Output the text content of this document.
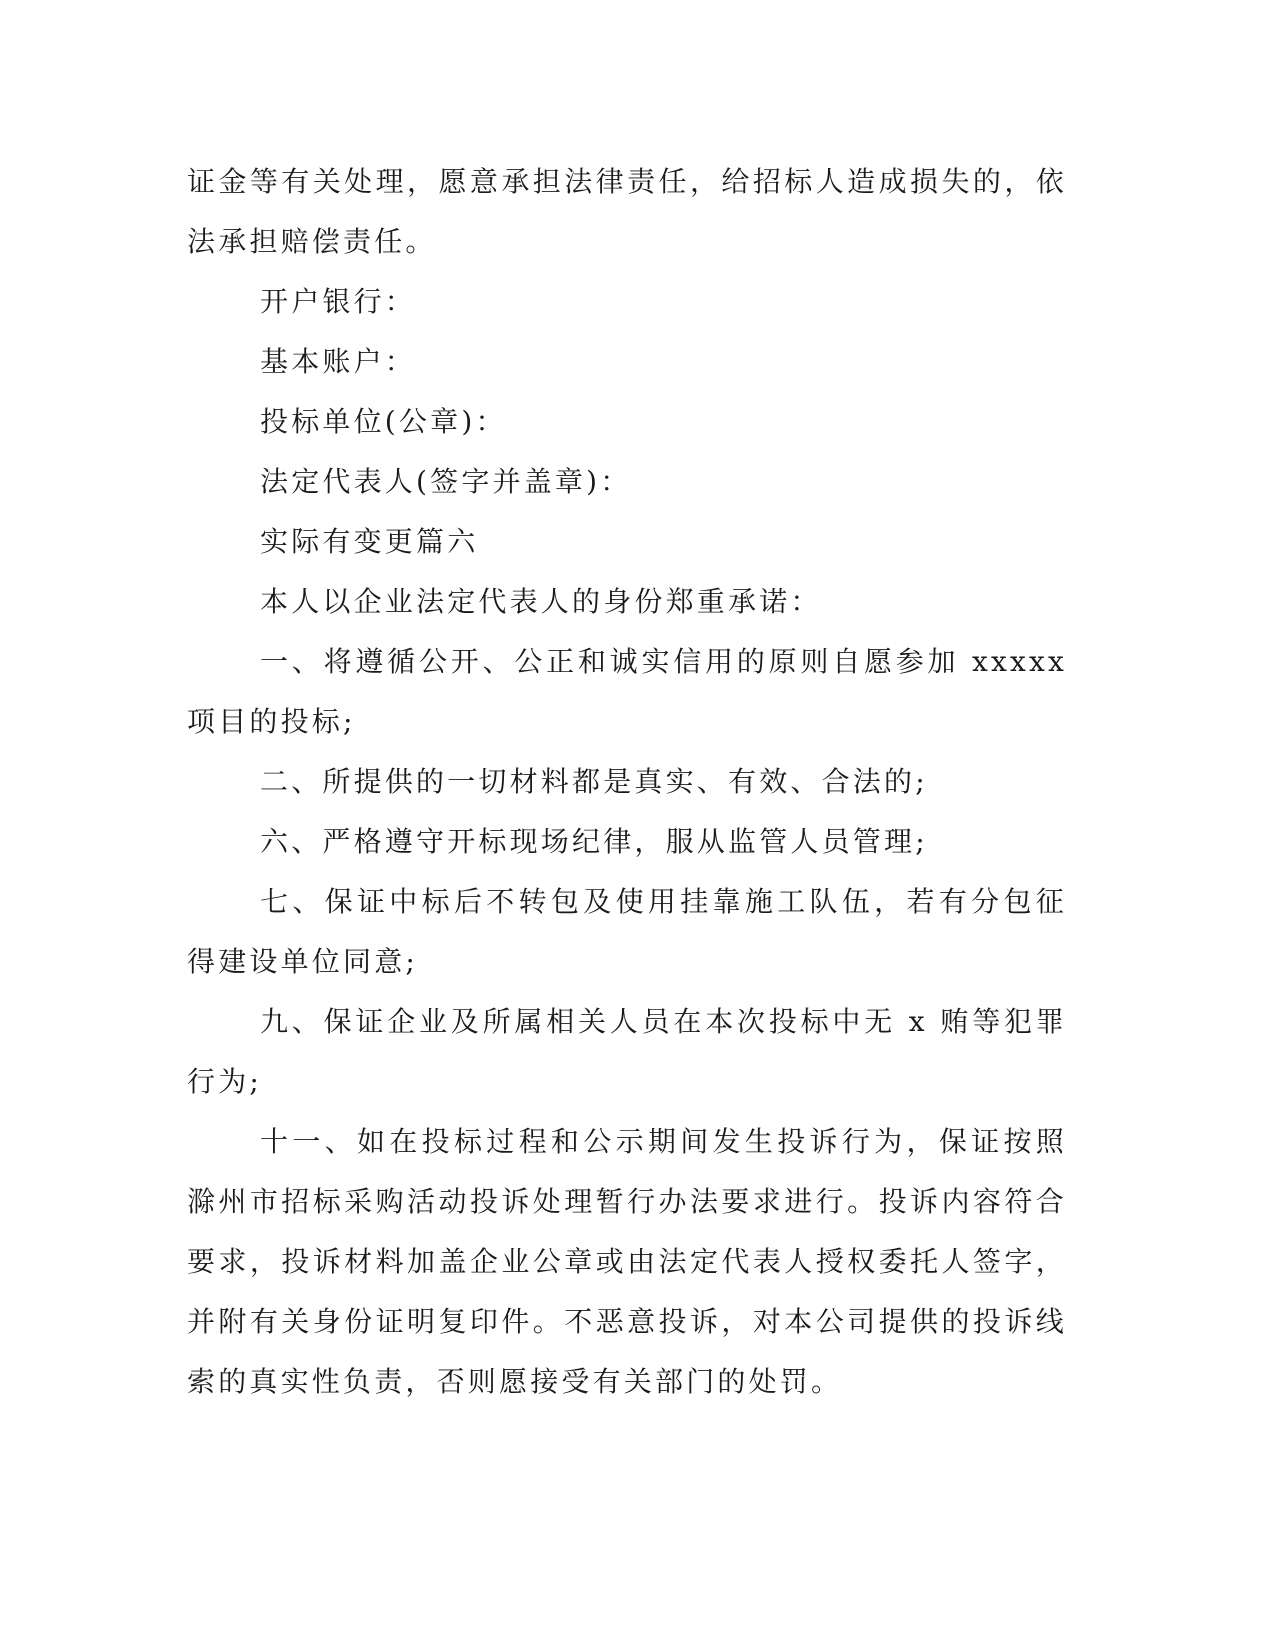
证金等有关处理，愿意承担法律责任，给招标人造成损失的，依法承担赔偿责任。

开户银行：

基本账户：

投标单位(公章)：

法定代表人(签字并盖章)：

实际有变更篇六

本人以企业法定代表人的身份郑重承诺：

一、将遵循公开、公正和诚实信用的原则自愿参加 xxxxx 项目的投标;

二、所提供的一切材料都是真实、有效、合法的;

六、严格遵守开标现场纪律，服从监管人员管理;

七、保证中标后不转包及使用挂靠施工队伍，若有分包征得建设单位同意;

九、保证企业及所属相关人员在本次投标中无 x 贿等犯罪行为;

十一、如在投标过程和公示期间发生投诉行为，保证按照滁州市招标采购活动投诉处理暂行办法要求进行。投诉内容符合要求，投诉材料加盖企业公章或由法定代表人授权委托人签字，并附有关身份证明复印件。不恶意投诉，对本公司提供的投诉线索的真实性负责，否则愿接受有关部门的处罚。
